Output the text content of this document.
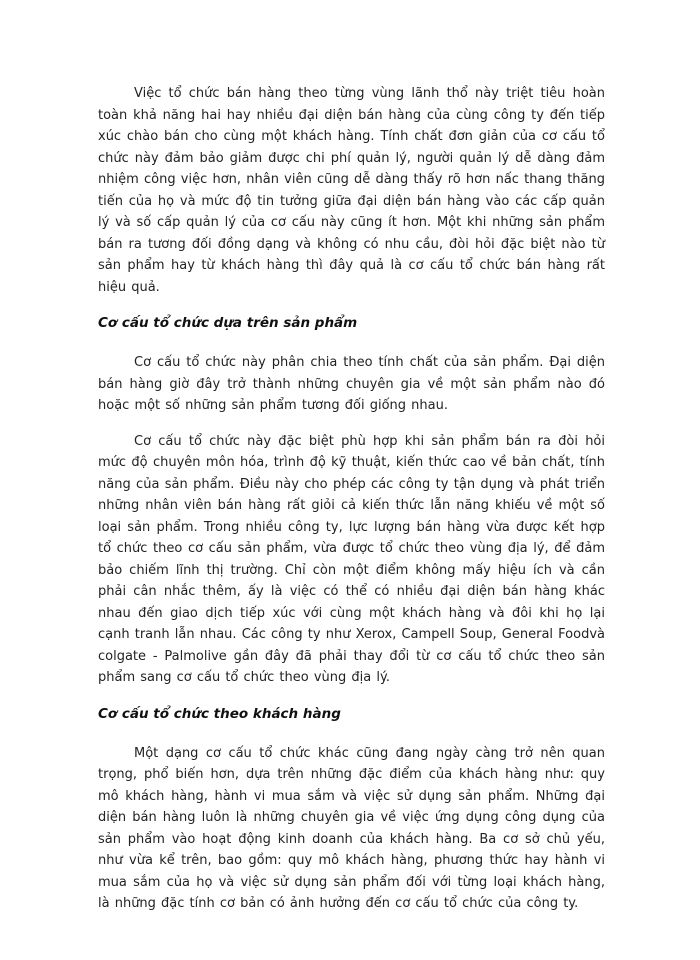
Việc tổ chức bán hàng theo từng vùng lãnh thổ này triệt tiêu hoàn toàn khả năng hai hay nhiều đại diện bán hàng của cùng công ty đến tiếp xúc chào bán cho cùng một khách hàng. Tính chất đơn giản của cơ cấu tổ chức này đảm bảo giảm được chi phí quản lý, người quản lý dễ dàng đảm nhiệm công việc hơn, nhân viên cũng dễ dàng thấy rõ hơn nấc thang thăng tiến của họ và mức độ tin tưởng giữa đại diện bán hàng vào các cấp quản lý và số cấp quản lý của cơ cấu này cũng ít hơn. Một khi những sản phẩm bán ra tương đối đồng dạng và không có nhu cầu, đòi hỏi đặc biệt nào từ sản phẩm hay từ khách hàng thì đây quả là cơ cấu tổ chức bán hàng rất hiệu quả.

Cơ cấu tổ chức dựa trên sản phẩm

Cơ cấu tổ chức này phân chia theo tính chất của sản phẩm. Đại diện bán hàng giờ đây trở thành những chuyên gia về một sản phẩm nào đó hoặc một số những sản phẩm tương đối giống nhau.

Cơ cấu tổ chức này đặc biệt phù hợp khi sản phẩm bán ra đòi hỏi mức độ chuyên môn hóa, trình độ kỹ thuật, kiến thức cao về bản chất, tính năng của sản phẩm. Điều này cho phép các công ty tận dụng và phát triển những nhân viên bán hàng rất giỏi cả kiến thức lẫn năng khiếu về một số loại sản phẩm. Trong nhiều công ty, lực lượng bán hàng vừa được kết hợp tổ chức theo cơ cấu sản phẩm, vừa được tổ chức theo vùng địa lý, để đảm bảo chiếm lĩnh thị trường. Chỉ còn một điểm không mấy hiệu ích và cần phải cân nhắc thêm, ấy là việc có thể có nhiều đại diện bán hàng khác nhau đến giao dịch tiếp xúc với cùng một khách hàng và đôi khi họ lại cạnh tranh lẫn nhau. Các công ty như Xerox, Campell Soup, General Foodvà colgate - Palmolive gần đây đã phải thay đổi từ cơ cấu tổ chức theo sản phẩm sang cơ cấu tổ chức theo vùng địa lý.

Cơ cấu tổ chức theo khách hàng

Một dạng cơ cấu tổ chức khác cũng đang ngày càng trở nên quan trọng, phổ biến hơn, dựa trên những đặc điểm của khách hàng như: quy mô khách hàng, hành vi mua sắm và việc sử dụng sản phẩm. Những đại diện bán hàng luôn là những chuyên gia về việc ứng dụng công dụng của sản phẩm vào hoạt động kinh doanh của khách hàng. Ba cơ sở chủ yếu, như vừa kể trên, bao gồm: quy mô khách hàng, phương thức hay hành vi mua sắm của họ và việc sử dụng sản phẩm đối với từng loại khách hàng, là những đặc tính cơ bản có ảnh hưởng đến cơ cấu tổ chức của công ty.
